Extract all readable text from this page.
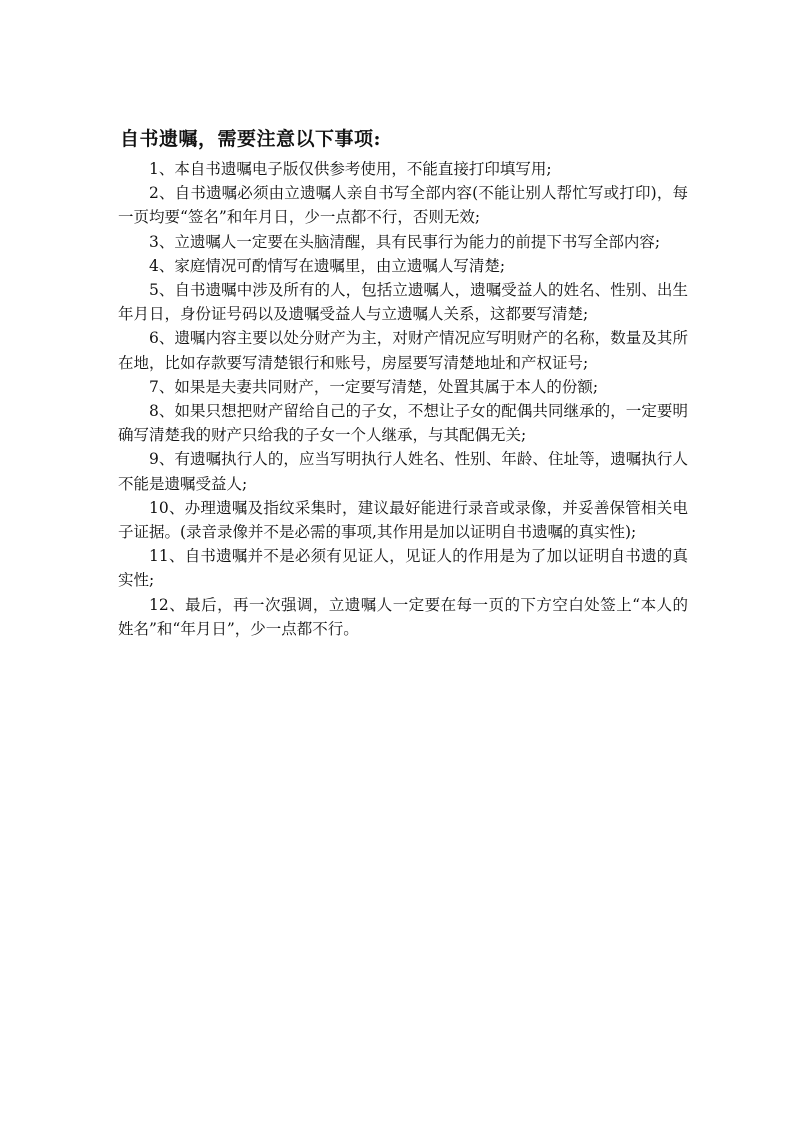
自书遗嘱，需要注意以下事项:

1、本自书遗嘱电子版仅供参考使用，不能直接打印填写用;

2、自书遗嘱必须由立遗嘱人亲自书写全部内容(不能让别人帮忙写或打印)，每一页均要“签名”和年月日，少一点都不行，否则无效;

3、立遗嘱人一定要在头脑清醒，具有民事行为能力的前提下书写全部内容;

4、家庭情况可酌情写在遗嘱里，由立遗嘱人写清楚;

5、自书遗嘱中涉及所有的人，包括立遗嘱人，遗嘱受益人的姓名、性别、出生年月日，身份证号码以及遗嘱受益人与立遗嘱人关系，这都要写清楚;

6、遗嘱内容主要以处分财产为主，对财产情况应写明财产的名称，数量及其所在地，比如存款要写清楚银行和账号，房屋要写清楚地址和产权证号;

7、如果是夫妻共同财产，一定要写清楚，处置其属于本人的份额;

8、如果只想把财产留给自己的子女，不想让子女的配偶共同继承的，一定要明确写清楚我的财产只给我的子女一个人继承，与其配偶无关;

9、有遗嘱执行人的，应当写明执行人姓名、性别、年龄、住址等，遗嘱执行人不能是遗嘱受益人;

10、办理遗嘱及指纹采集时，建议最好能进行录音或录像，并妥善保管相关电子证据。(录音录像并不是必需的事项,其作用是加以证明自书遗嘱的真实性);

11、自书遗嘱并不是必须有见证人，见证人的作用是为了加以证明自书遗的真实性;

12、最后，再一次强调，立遗嘱人一定要在每一页的下方空白处签上“本人的姓名”和“年月日”，少一点都不行。
